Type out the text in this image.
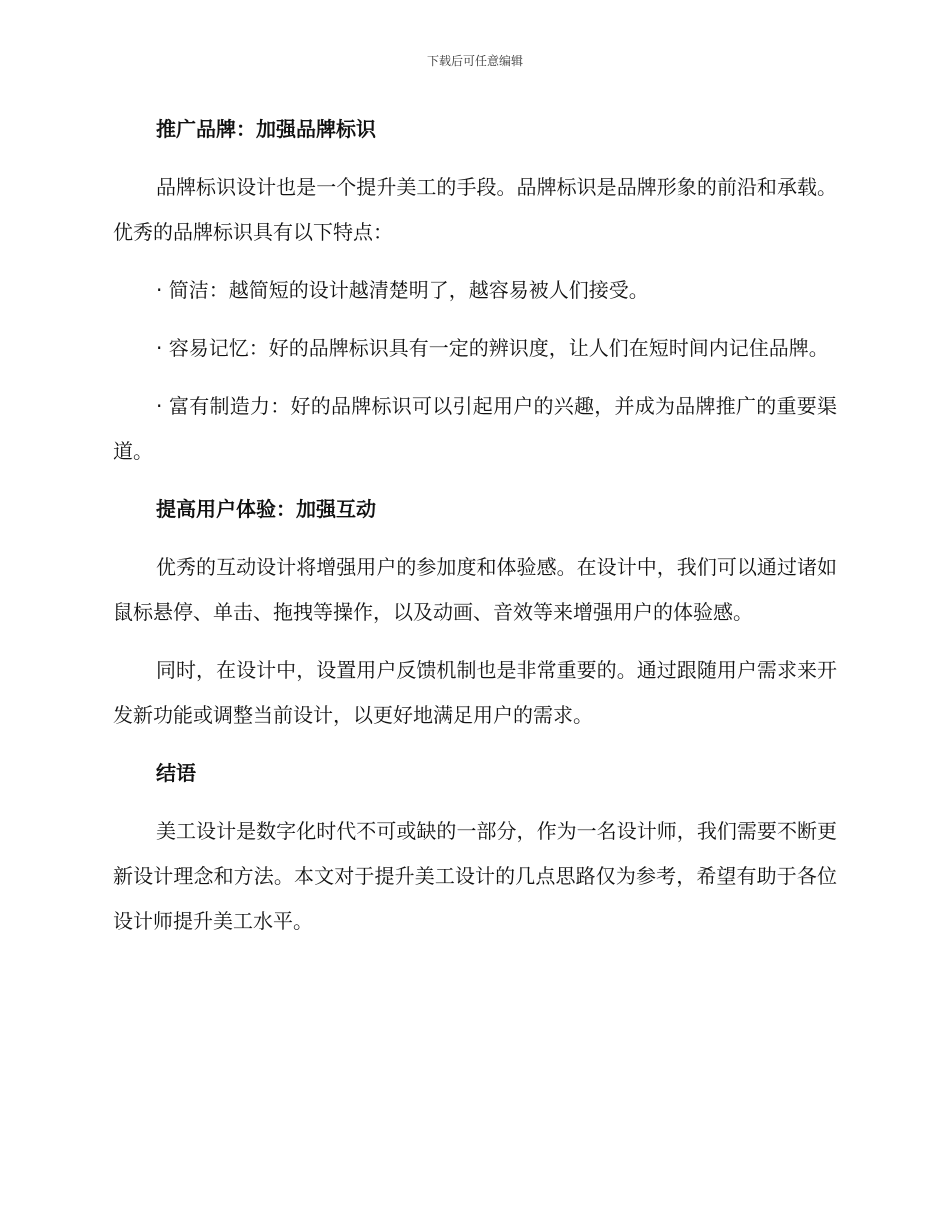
下载后可任意编辑
推广品牌：加强品牌标识
品牌标识设计也是一个提升美工的手段。品牌标识是品牌形象的前沿和承载。优秀的品牌标识具有以下特点：
· 简洁：越简短的设计越清楚明了，越容易被人们接受。
· 容易记忆：好的品牌标识具有一定的辨识度，让人们在短时间内记住品牌。
· 富有制造力：好的品牌标识可以引起用户的兴趣，并成为品牌推广的重要渠道。
提高用户体验：加强互动
优秀的互动设计将增强用户的参加度和体验感。在设计中，我们可以通过诸如鼠标悬停、单击、拖拽等操作，以及动画、音效等来增强用户的体验感。
同时，在设计中，设置用户反馈机制也是非常重要的。通过跟随用户需求来开发新功能或调整当前设计，以更好地满足用户的需求。
结语
美工设计是数字化时代不可或缺的一部分，作为一名设计师，我们需要不断更新设计理念和方法。本文对于提升美工设计的几点思路仅为参考，希望有助于各位设计师提升美工水平。
